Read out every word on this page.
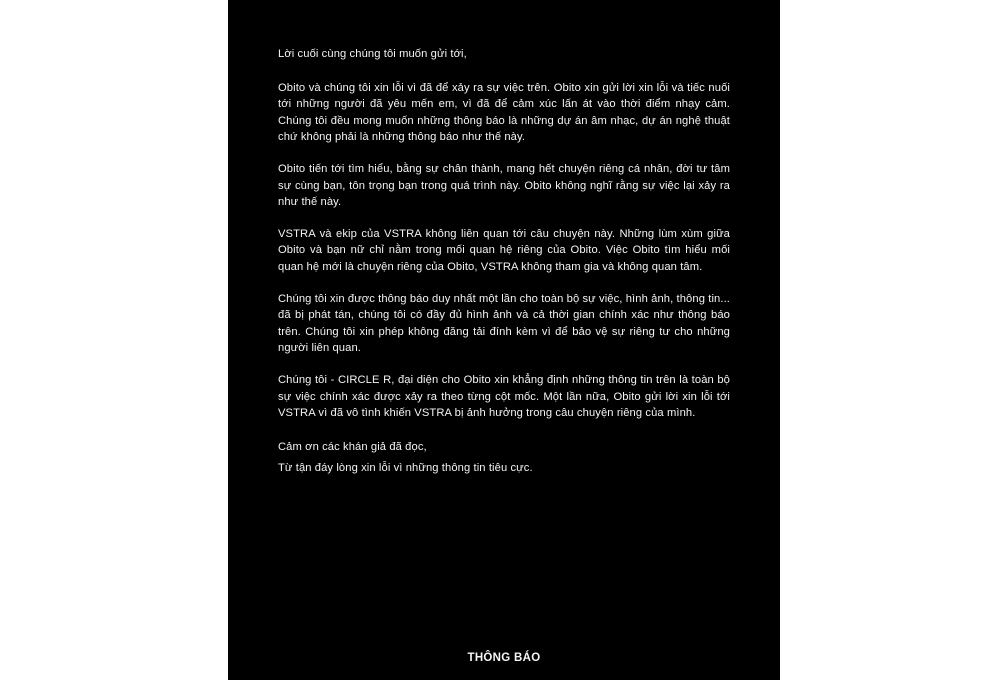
Lời cuối cùng chúng tôi muốn gửi tới,

Obito và chúng tôi xin lỗi vì đã để xảy ra sự việc trên. Obito xin gửi lời xin lỗi và tiếc nuối tới những người đã yêu mến em, vì đã để cảm xúc lấn át vào thời điểm nhạy cảm. Chúng tôi đều mong muốn những thông báo là những dự án âm nhạc, dự án nghệ thuật chứ không phải là những thông báo như thế này.

Obito tiến tới tìm hiểu, bằng sự chân thành, mang hết chuyện riêng cá nhân, đời tư tâm sự cùng bạn, tôn trọng bạn trong quá trình này. Obito không nghĩ rằng sự việc lại xảy ra như thế này.

VSTRA và ekip của VSTRA không liên quan tới câu chuyện này. Những lùm xùm giữa Obito và bạn nữ chỉ nằm trong mối quan hệ riêng của Obito. Việc Obito tìm hiểu mối quan hệ mới là chuyện riêng của Obito, VSTRA không tham gia và không quan tâm.

Chúng tôi xin được thông báo duy nhất một lần cho toàn bộ sự việc, hình ảnh, thông tin... đã bị phát tán, chúng tôi có đầy đủ hình ảnh và cả thời gian chính xác như thông báo trên. Chúng tôi xin phép không đăng tải đính kèm vì để bảo vệ sự riêng tư cho những người liên quan.

Chúng tôi - CIRCLE R, đại diện cho Obito xin khẳng định những thông tin trên là toàn bộ sự việc chính xác được xảy ra theo từng cột mốc. Một lần nữa, Obito gửi lời xin lỗi tới VSTRA vì đã vô tình khiến VSTRA bị ảnh hưởng trong câu chuyện riêng của mình.

Cảm ơn các khán giả đã đọc,
Từ tận đáy lòng xin lỗi vì những thông tin tiêu cực.

THÔNG BÁO
